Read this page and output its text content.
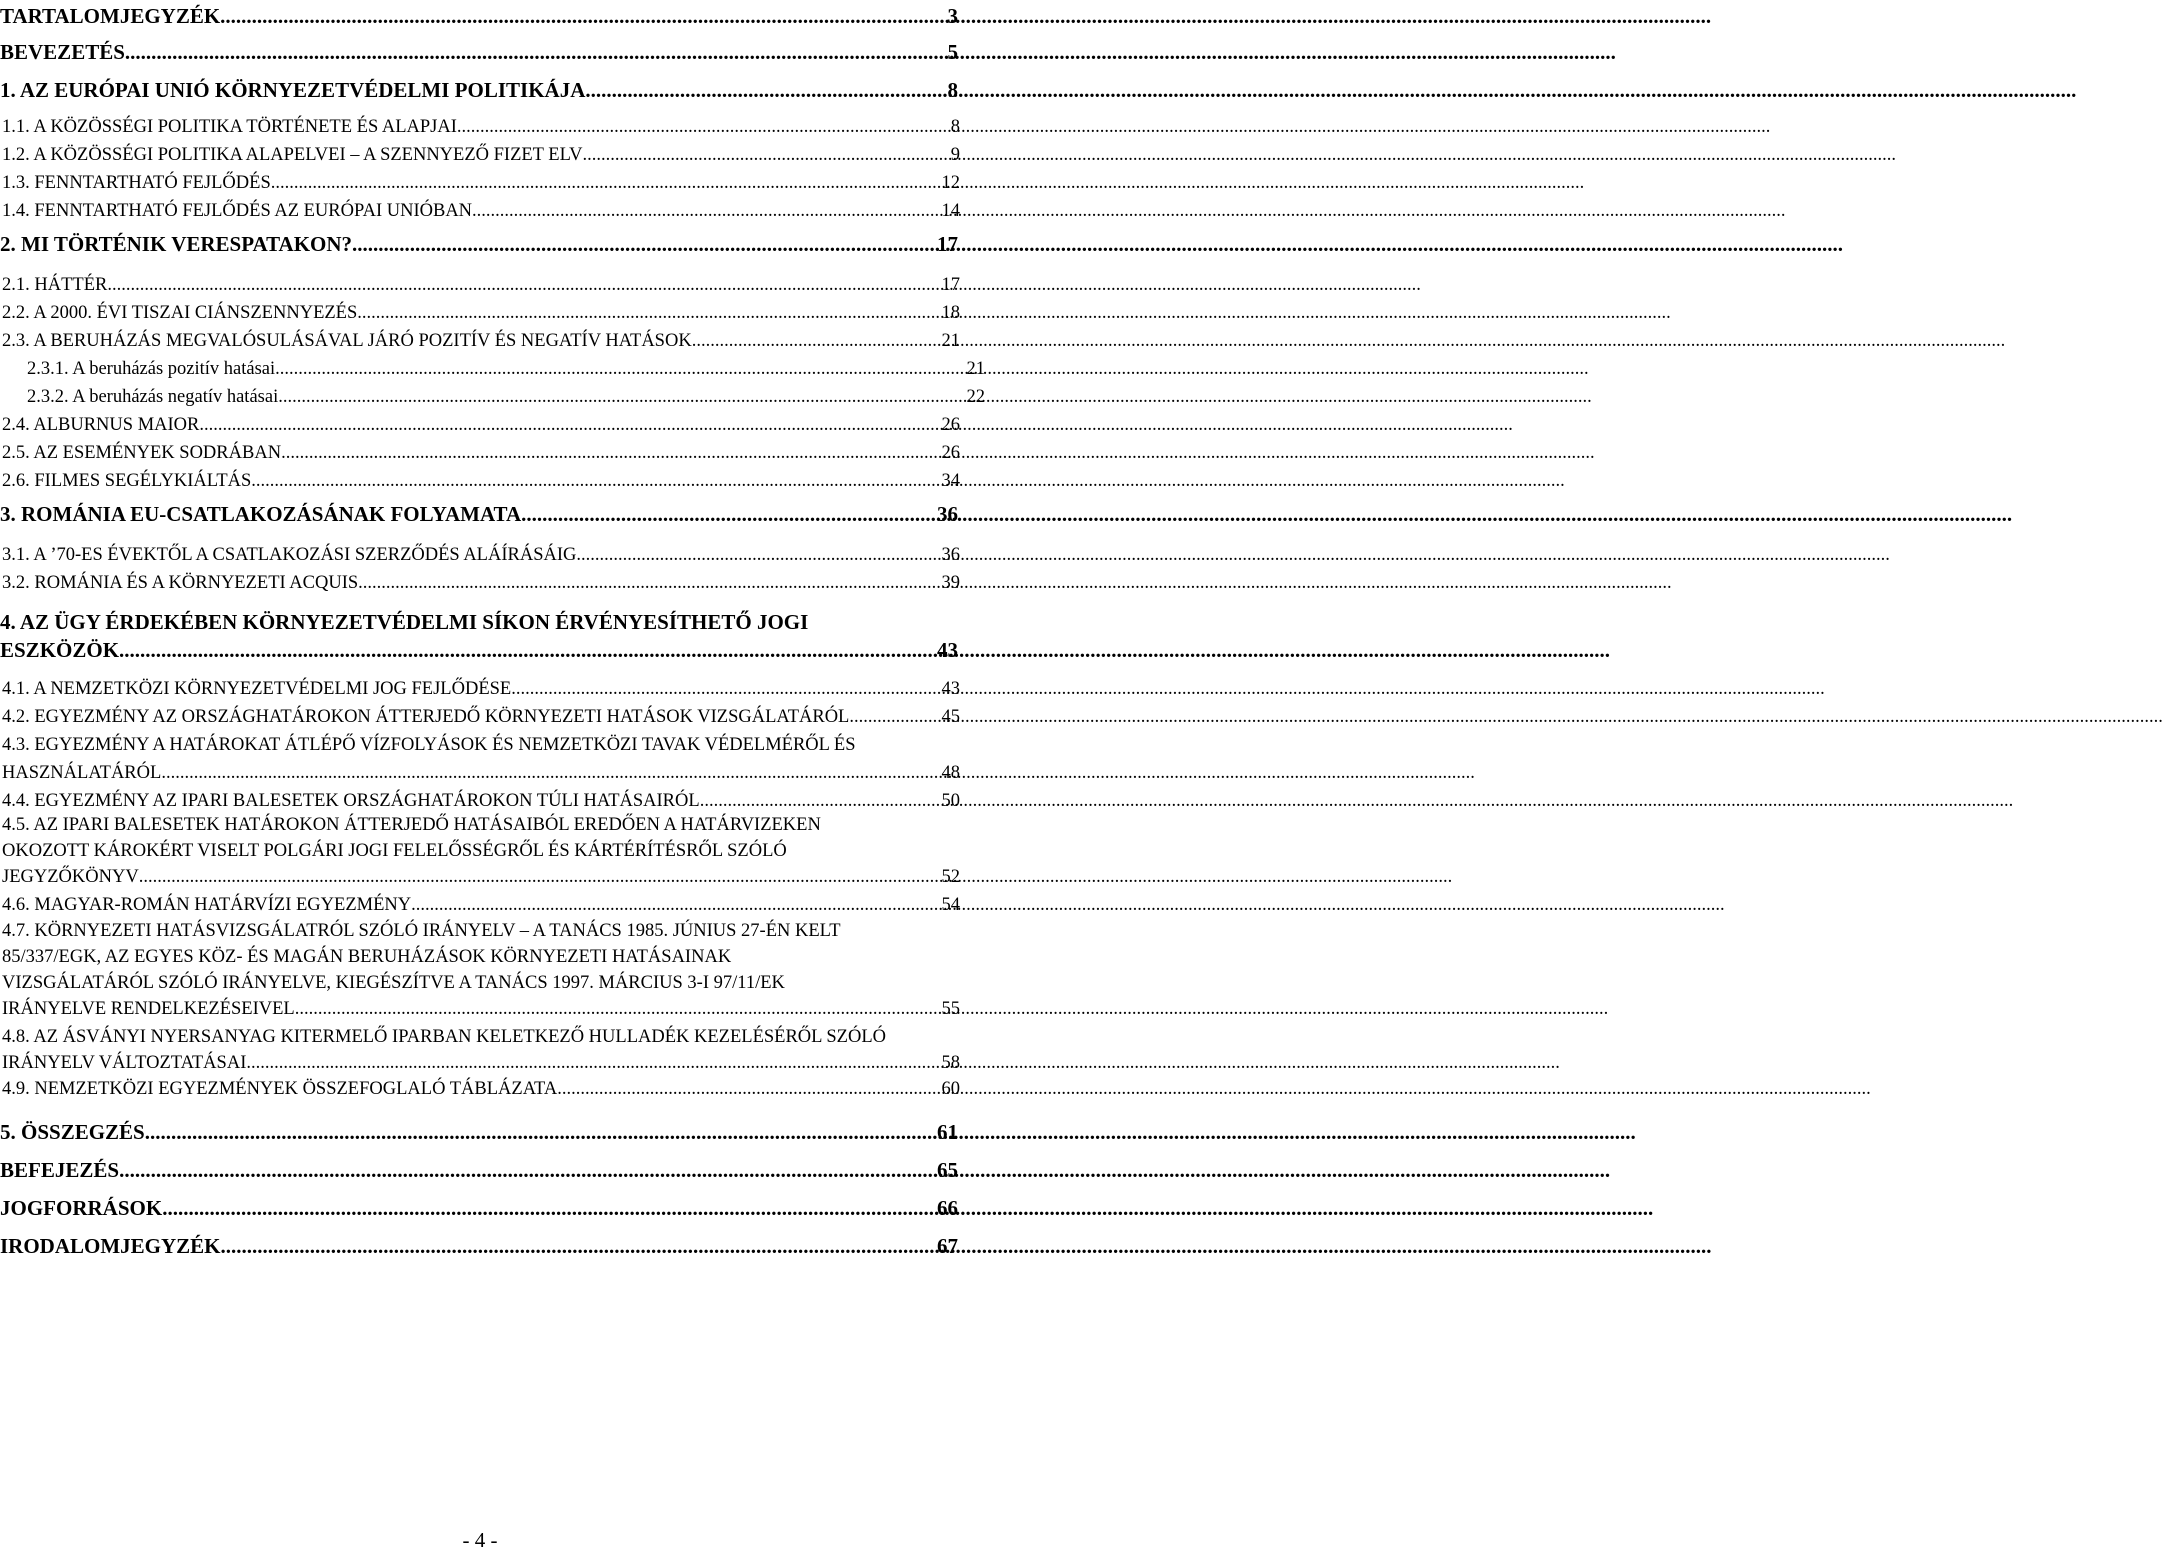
TARTALOMJEGYZÉK .....	3
BEVEZETÉS .....	5
1. AZ EURÓPAI UNIÓ KÖRNYEZETVÉDELMI POLITIKÁJA .....	8
1.1. A KÖZÖSSÉGI POLITIKA TÖRTÉNETE ÉS ALAPJAI .....	8
1.2. A KÖZÖSSÉGI POLITIKA ALAPELVEI – A SZENNYEZŐ FIZET ELV .....	9
1.3. FENNTARTHATÓ FEJLŐDÉS .....	12
1.4. FENNTARTHATÓ FEJLŐDÉS AZ EURÓPAI UNIÓBAN .....	14
2. MI TÖRTÉNIK VERESPATAKON? .....	17
2.1. HÁTTÉR .....	17
2.2. A 2000. ÉVI TISZAI CIÁNSZENNYEZÉS .....	18
2.3. A BERUHÁZÁS MEGVALÓSULÁSÁVAL JÁRÓ POZITÍV ÉS NEGATÍV HATÁSOK .....	21
2.3.1. A beruházás pozitív hatásai .....	21
2.3.2. A beruházás negatív hatásai .....	22
2.4. ALBURNUS MAIOR .....	26
2.5. AZ ESEMÉNYEK SODRÁBAN .....	26
2.6. FILMES SEGÉLYKIÁLTÁS .....	34
3. ROMÁNIA EU-CSATLAKOZÁSÁNAK FOLYAMATA .....	36
3.1. A ’70-ES ÉVEKTŐL A CSATLAKOZÁSI SZERZŐDÉS ALÁÍRÁSÁIG .....	36
3.2. ROMÁNIA ÉS A KÖRNYEZETI ACQUIS .....	39
4. AZ ÜGY ÉRDEKÉBEN KÖRNYEZETVÉDELMI SÍKON ÉRVÉNYESÍTHETŐ JOGI
ESZKÖZÖK .....	43
4.1. A NEMZETKÖZI KÖRNYEZETVÉDELMI JOG FEJLŐDÉSE .....	43
4.2. EGYEZMÉNY AZ ORSZÁGHATÁROKON ÁTTERJEDŐ KÖRNYEZETI HATÁSOK VIZSGÁLATÁRÓL .....	45
4.3. EGYEZMÉNY A HATÁROKAT ÁTLÉPŐ VÍZFOLYÁSOK ÉS NEMZETKÖZI TAVAK VÉDELMÉRŐL ÉS
HASZNÁLATÁRÓL .....	48
4.4. EGYEZMÉNY AZ IPARI BALESETEK ORSZÁGHATÁROKON TÚLI HATÁSAIRÓL .....	50
4.5. AZ IPARI BALESETEK HATÁROKON ÁTTERJEDŐ HATÁSAIBÓL EREDŐEN A HATÁRVIZEKEN
OKOZOTT KÁROKÉRT VISELT POLGÁRI JOGI FELELŐSSÉGRŐL ÉS KÁRTÉRÍTÉSRŐL SZÓLÓ
JEGYZŐKÖNYV .....	52
4.6. MAGYAR-ROMÁN HATÁRVÍZI EGYEZMÉNY .....	54
4.7. KÖRNYEZETI HATÁSVIZSGÁLATRÓL SZÓLÓ IRÁNYELV – A TANÁCS 1985. JÚNIUS 27-ÉN KELT
85/337/EGK, AZ EGYES KÖZ- ÉS MAGÁN BERUHÁZÁSOK KÖRNYEZETI HATÁSAINAK
VIZSGÁLATÁRÓL SZÓLÓ IRÁNYELVE, KIEGÉSZÍTVE A TANÁCS 1997. MÁRCIUS 3-I 97/11/EK
IRÁNYELVE RENDELKEZÉSEIVEL .....	55
4.8. AZ ÁSVÁNYI NYERSANYAG KITERMELŐ IPARBAN KELETKEZŐ HULLADÉK KEZELÉSÉRŐL SZÓLÓ
IRÁNYELV VÁLTOZTATÁSAI .....	58
4.9. NEMZETKÖZI EGYEZMÉNYEK ÖSSZEFOGLALÓ TÁBLÁZATA .....	60
5. ÖSSZEGZÉS .....	61
BEFEJEZÉS .....	65
JOGFORRÁSOK .....	66
IRODALOMJEGYZÉK .....	67
- 4 -
